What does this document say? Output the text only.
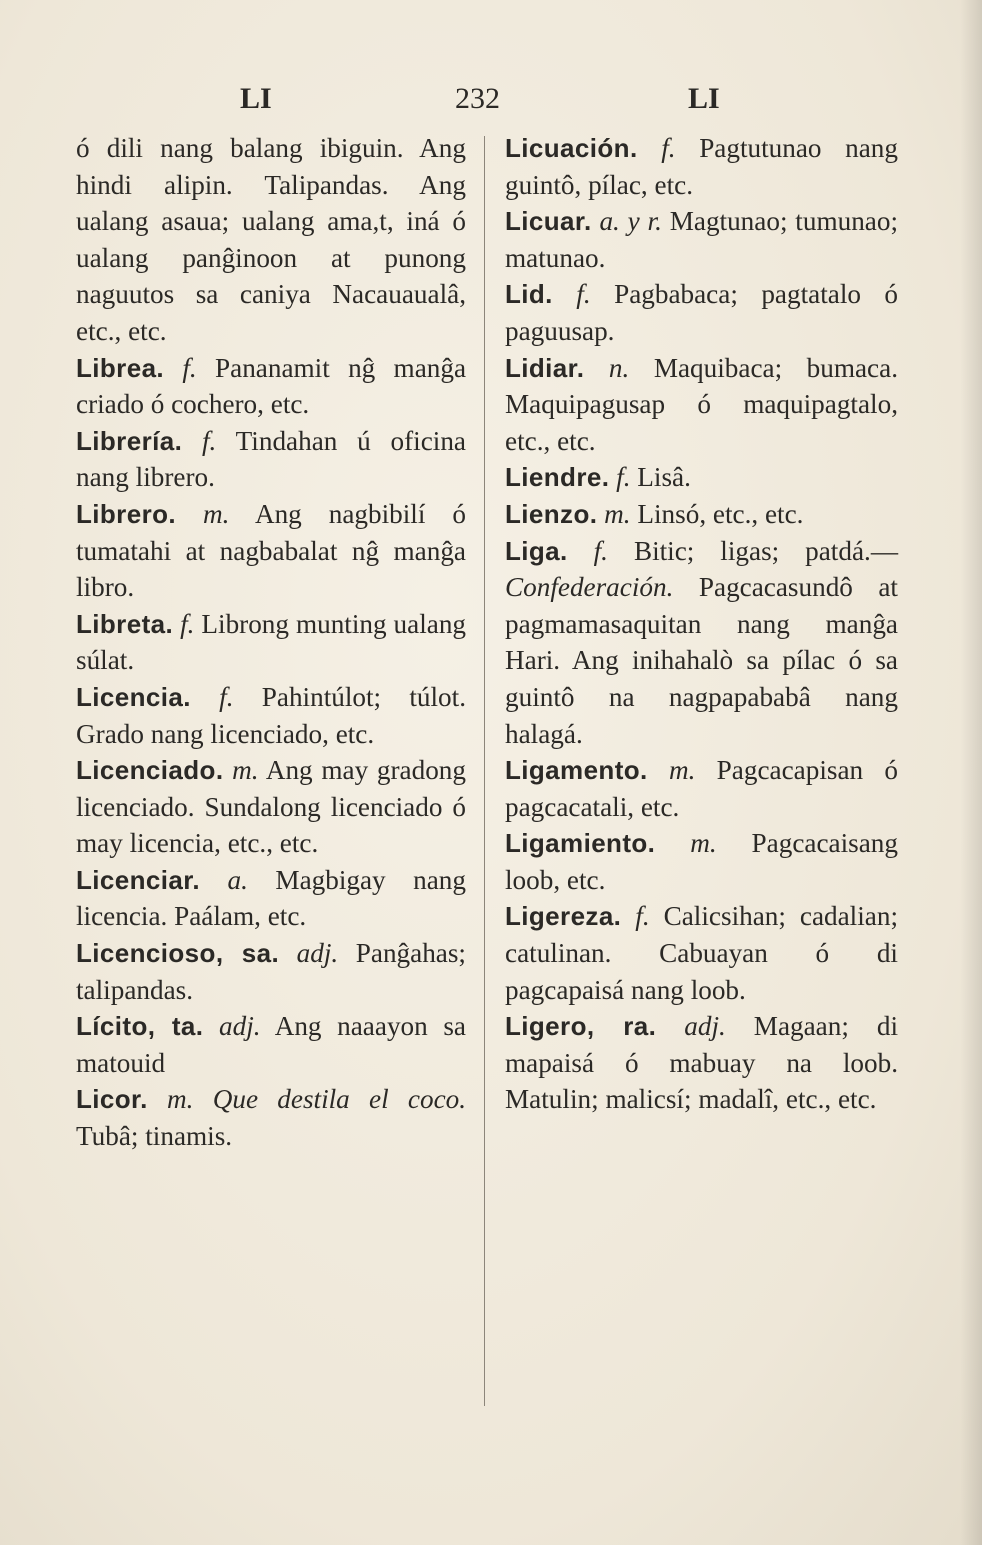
LI	232	LI
ó dili nang balang ibiguin. Ang hindi alipin. Talipandas. Ang ualang asaua; ualang ama,t, iná ó ualang panĝinoon at punong naguutos sa caniya Nacauaualâ, etc., etc.
Librea. f. Pananamit nĝ manĝa criado ó cochero, etc.
Librería. f. Tindahan ú oficina nang librero.
Librero. m. Ang nagbibilí ó tumatahi at nagbabalat nĝ manĝa libro.
Libreta. f. Librong munting ualang súlat.
Licencia. f. Pahintúlot; túlot. Grado nang licenciado, etc.
Licenciado. m. Ang may gradong licenciado. Sundalong licenciado ó may licencia, etc., etc.
Licenciar. a. Magbigay nang licencia. Paálam, etc.
Licencioso, sa. adj. Panĝahas; talipandas.
Lícito, ta. adj. Ang naaayon sa matouid
Licor. m. Que destila el coco. Tubâ; tinamis.
Licuación. f. Pagtutunao nang guintô, pílac, etc.
Licuar. a. y r. Magtunao; tumunao; matunao.
Lid. f. Pagbabaca; pagtatalo ó paguusap.
Lidiar. n. Maquibaca; bumaca. Maquipagusap ó maquipagtalo, etc., etc.
Liendre. f. Lisâ.
Lienzo. m. Linsó, etc., etc.
Liga. f. Bitic; ligas; patdá.— Confederación. Pagcacasundô at pagmamasaquitan nang manĝa Hari. Ang inihahalò sa pílac ó sa guintô na nagpapababâ nang halagá.
Ligamento. m. Pagcacapisan ó pagcacatali, etc.
Ligamiento. m. Pagcacaisang loob, etc.
Ligereza. f. Calicsihan; cadalian; catulinan. Cabuayan ó di pagcapaisá nang loob.
Ligero, ra. adj. Magaan; di mapaisá ó mabuay na loob. Matulin; malicsí; madalî, etc., etc.
